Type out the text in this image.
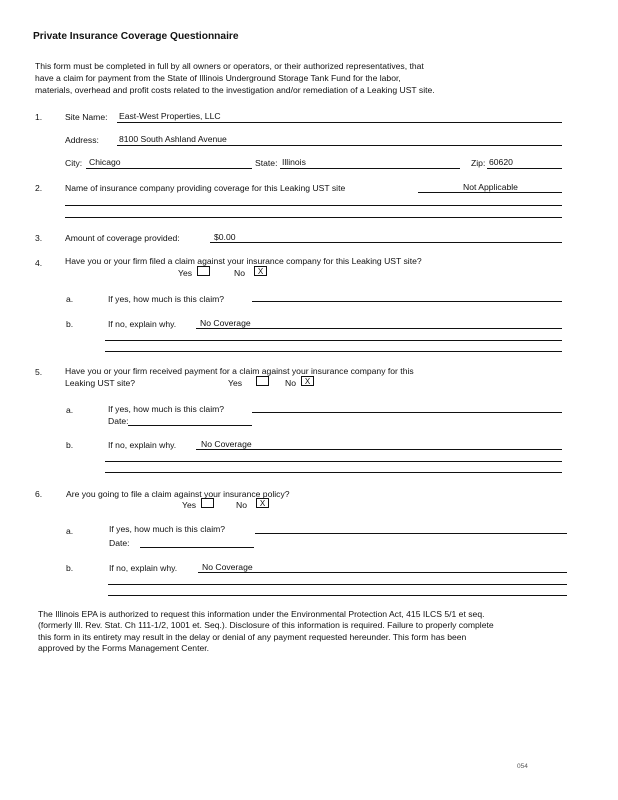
Private Insurance Coverage Questionnaire
This form must be completed in full by all owners or operators, or their authorized representatives, that
have a claim for payment from the State of Illinois Underground Storage Tank Fund for the labor,
materials, overhead and profit costs related to the investigation and/or remediation of a Leaking UST site.
1.	Site Name: East-West Properties, LLC
Address: 8100 South Ashland Avenue
City: Chicago	State: Illinois	Zip: 60620
2.	Name of insurance company providing coverage for this Leaking UST site	Not Applicable
3.	Amount of coverage provided:	$0.00
4.	Have you or your firm filed a claim against your insurance company for this Leaking UST site?
Yes	No	X
a.	If yes, how much is this claim?
b.	If no, explain why.	No Coverage
5.	Have you or your firm received payment for a claim against your insurance company for this
Leaking UST site?	Yes	No	X
a.	If yes, how much is this claim?
Date:
b.	If no, explain why.	No Coverage
6.	Are you going to file a claim against your insurance policy?
Yes	No	X
a.	If yes, how much is this claim?
Date:
b.	If no, explain why.	No Coverage
The Illinois EPA is authorized to request this information under the Environmental Protection Act, 415 ILCS 5/1 et seq. (formerly Ill. Rev. Stat. Ch 111-1/2, 1001 et. Seq.). Disclosure of this information is required. Failure to properly complete this form in its entirety may result in the delay or denial of any payment requested hereunder. This form has been approved by the Forms Management Center.
054
